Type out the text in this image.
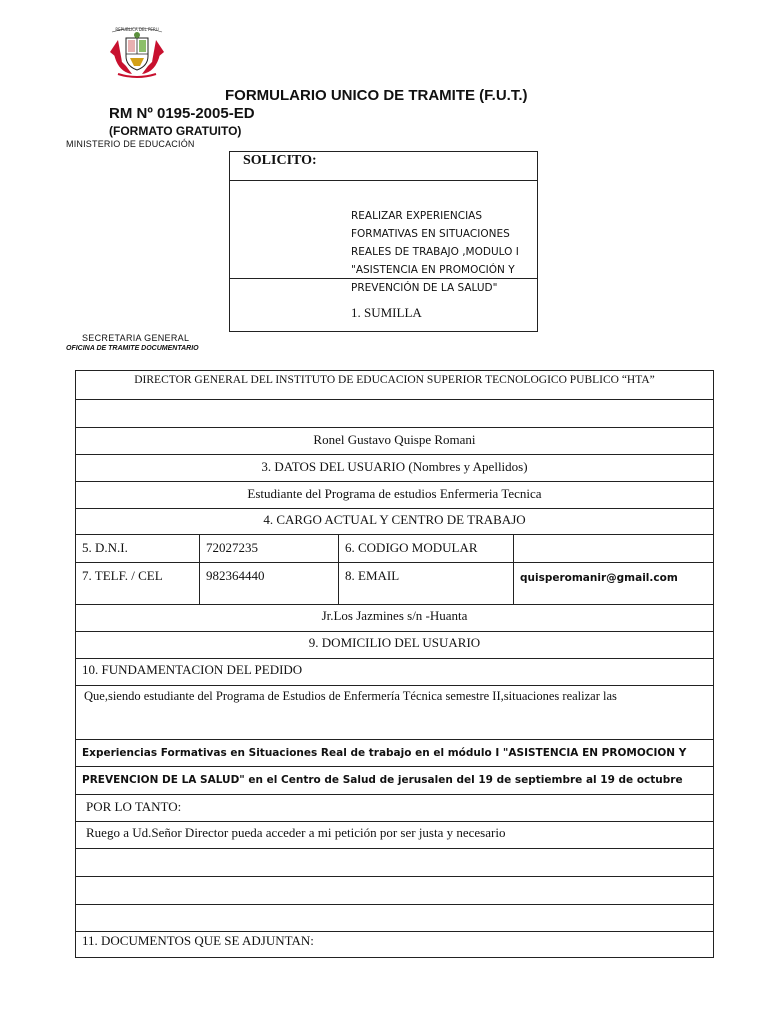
REPUBLICA DEL PERU
FORMULARIO UNICO DE TRAMITE (F.U.T.)
RM Nº 0195-2005-ED
(FORMATO GRATUITO)
MINISTERIO DE EDUCACIÓN
SECRETARIA GENERAL
OFICINA DE TRAMITE DOCUMENTARIO
SOLICITO:
REALIZAR EXPERIENCIAS FORMATIVAS EN SITUACIONES REALES DE TRABAJO ,MODULO I "ASISTENCIA EN PROMOCIÓN Y PREVENCIÓN DE LA SALUD"
1. SUMILLA
DIRECTOR GENERAL DEL INSTITUTO DE EDUCACION SUPERIOR TECNOLOGICO PUBLICO “HTA”
Ronel Gustavo Quispe Romani
3. DATOS DEL USUARIO (Nombres y Apellidos)
Estudiante del Programa de estudios Enfermeria Tecnica
4. CARGO ACTUAL Y CENTRO DE TRABAJO
5. D.N.I.	72027235	6. CODIGO MODULAR
7. TELF. / CEL	982364440	8. EMAIL	quisperomanir@gmail.com
Jr.Los Jazmines s/n -Huanta
9. DOMICILIO DEL USUARIO
10. FUNDAMENTACION DEL PEDIDO
Que,siendo estudiante del Programa de Estudios de Enfermería Técnica semestre II,situaciones realizar las
Experiencias Formativas en Situaciones Real de trabajo en el módulo I "ASISTENCIA EN PROMOCION Y
PREVENCION DE LA SALUD" en el Centro de Salud de jerusalen del 19 de septiembre al 19 de octubre
POR LO TANTO:
Ruego a Ud.Señor Director pueda acceder a mi petición por ser justa y necesario
11. DOCUMENTOS QUE SE ADJUNTAN:
